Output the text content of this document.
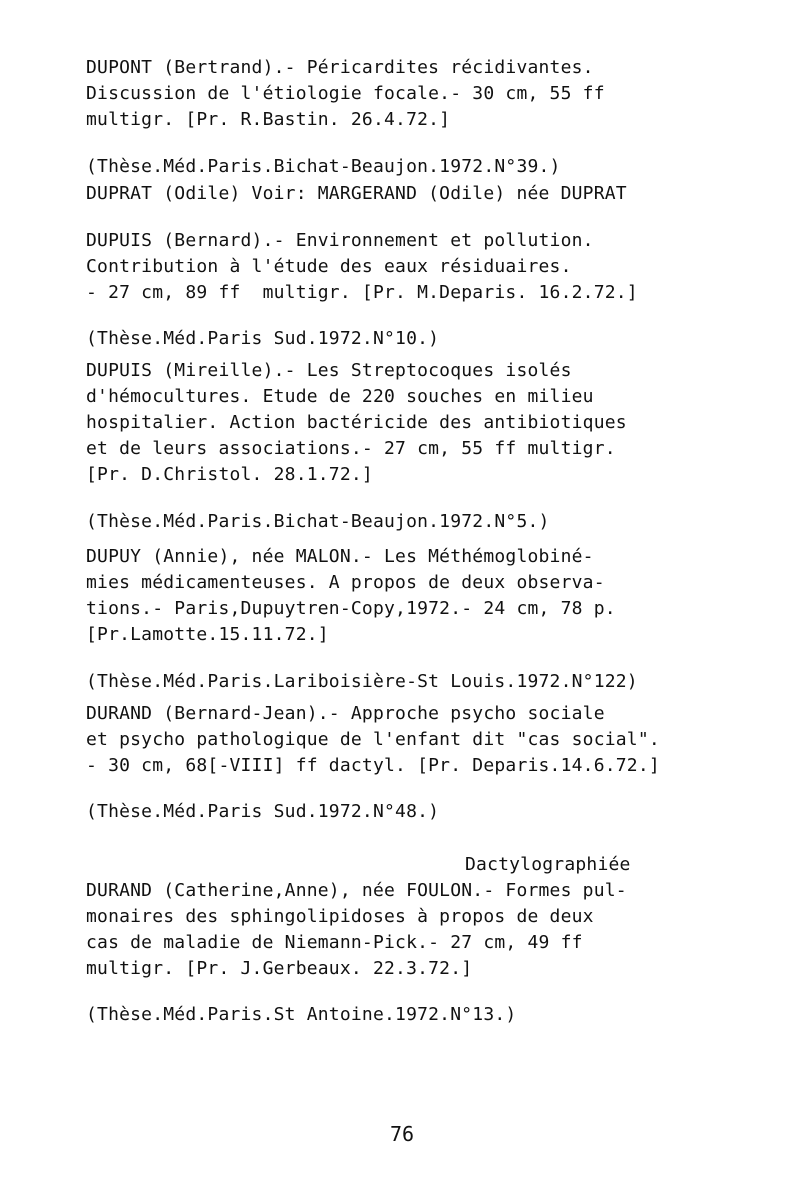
DUPONT (Bertrand).- Péricardites récidivantes.
Discussion de l'étiologie focale.- 30 cm, 55 ff
multigr. [Pr. R.Bastin. 26.4.72.]
(Thèse.Méd.Paris.Bichat-Beaujon.1972.N°39.)
DUPRAT (Odile) Voir: MARGERAND (Odile) née DUPRAT
DUPUIS (Bernard).- Environnement et pollution.
Contribution à l'étude des eaux résiduaires.
- 27 cm, 89 ff  multigr. [Pr. M.Deparis. 16.2.72.]
(Thèse.Méd.Paris Sud.1972.N°10.)
DUPUIS (Mireille).- Les Streptocoques isolés
d'hémocultures. Etude de 220 souches en milieu
hospitalier. Action bactéricide des antibiotiques
et de leurs associations.- 27 cm, 55 ff multigr.
[Pr. D.Christol. 28.1.72.]
(Thèse.Méd.Paris.Bichat-Beaujon.1972.N°5.)
DUPUY (Annie), née MALON.- Les Méthémoglobiné-
mies médicamenteuses. A propos de deux observa-
tions.- Paris,Dupuytren-Copy,1972.- 24 cm, 78 p.
[Pr.Lamotte.15.11.72.]
(Thèse.Méd.Paris.Lariboisière-St Louis.1972.N°122)
DURAND (Bernard-Jean).- Approche psycho sociale
et psycho pathologique de l'enfant dit "cas social".
- 30 cm, 68[-VIII] ff dactyl. [Pr. Deparis.14.6.72.]
(Thèse.Méd.Paris Sud.1972.N°48.)
Dactylographiée
DURAND (Catherine,Anne), née FOULON.- Formes pul-
monaires des sphingolipidoses à propos de deux
cas de maladie de Niemann-Pick.- 27 cm, 49 ff
multigr. [Pr. J.Gerbeaux. 22.3.72.]
(Thèse.Méd.Paris.St Antoine.1972.N°13.)
76
